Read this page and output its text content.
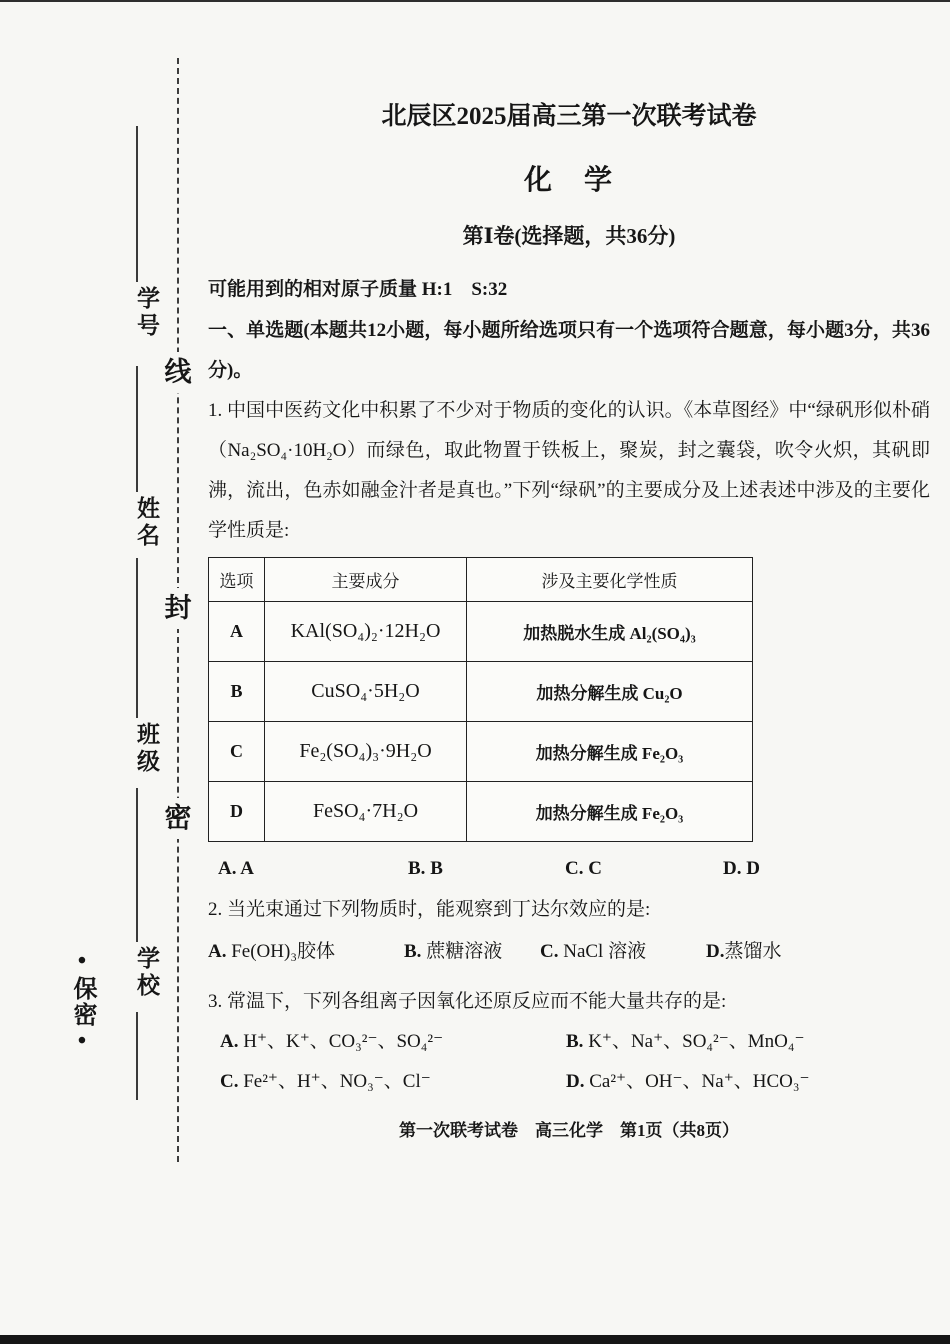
线
封
密
学号
姓名
班级
学校
•保密•
北辰区2025届高三第一次联考试卷
化　学
第Ⅰ卷(选择题，共36分)
可能用到的相对原子质量 H:1　S:32
一、单选题(本题共12小题，每小题所给选项只有一个选项符合题意，每小题3分，共36分)。
1. 中国中医药文化中积累了不少对于物质的变化的认识。《本草图经》中“绿矾形似朴硝（Na₂SO₄·10H₂O）而绿色，取此物置于铁板上，聚炭，封之囊袋，吹令火炽，其矾即沸，流出，色赤如融金汁者是真也。”下列“绿矾”的主要成分及上述表述中涉及的主要化学性质是:
选项	主要成分	涉及主要化学性质
A	KAl(SO₄)₂·12H₂O	加热脱水生成 Al₂(SO₄)₃
B	CuSO₄·5H₂O	加热分解生成 Cu₂O
C	Fe₂(SO₄)₃·9H₂O	加热分解生成 Fe₂O₃
D	FeSO₄·7H₂O	加热分解生成 Fe₂O₃
A. A	B. B	C. C	D. D
2. 当光束通过下列物质时，能观察到丁达尔效应的是:
A. Fe(OH)₃胶体	B. 蔗糖溶液	C. NaCl 溶液	D.蒸馏水
3. 常温下，下列各组离子因氧化还原反应而不能大量共存的是:
A. H⁺、K⁺、CO₃²⁻、SO₄²⁻	B. K⁺、Na⁺、SO₄²⁻、MnO₄⁻
C. Fe²⁺、H⁺、NO₃⁻、Cl⁻	D. Ca²⁺、OH⁻、Na⁺、HCO₃⁻
第一次联考试卷　高三化学　第1页（共8页）
